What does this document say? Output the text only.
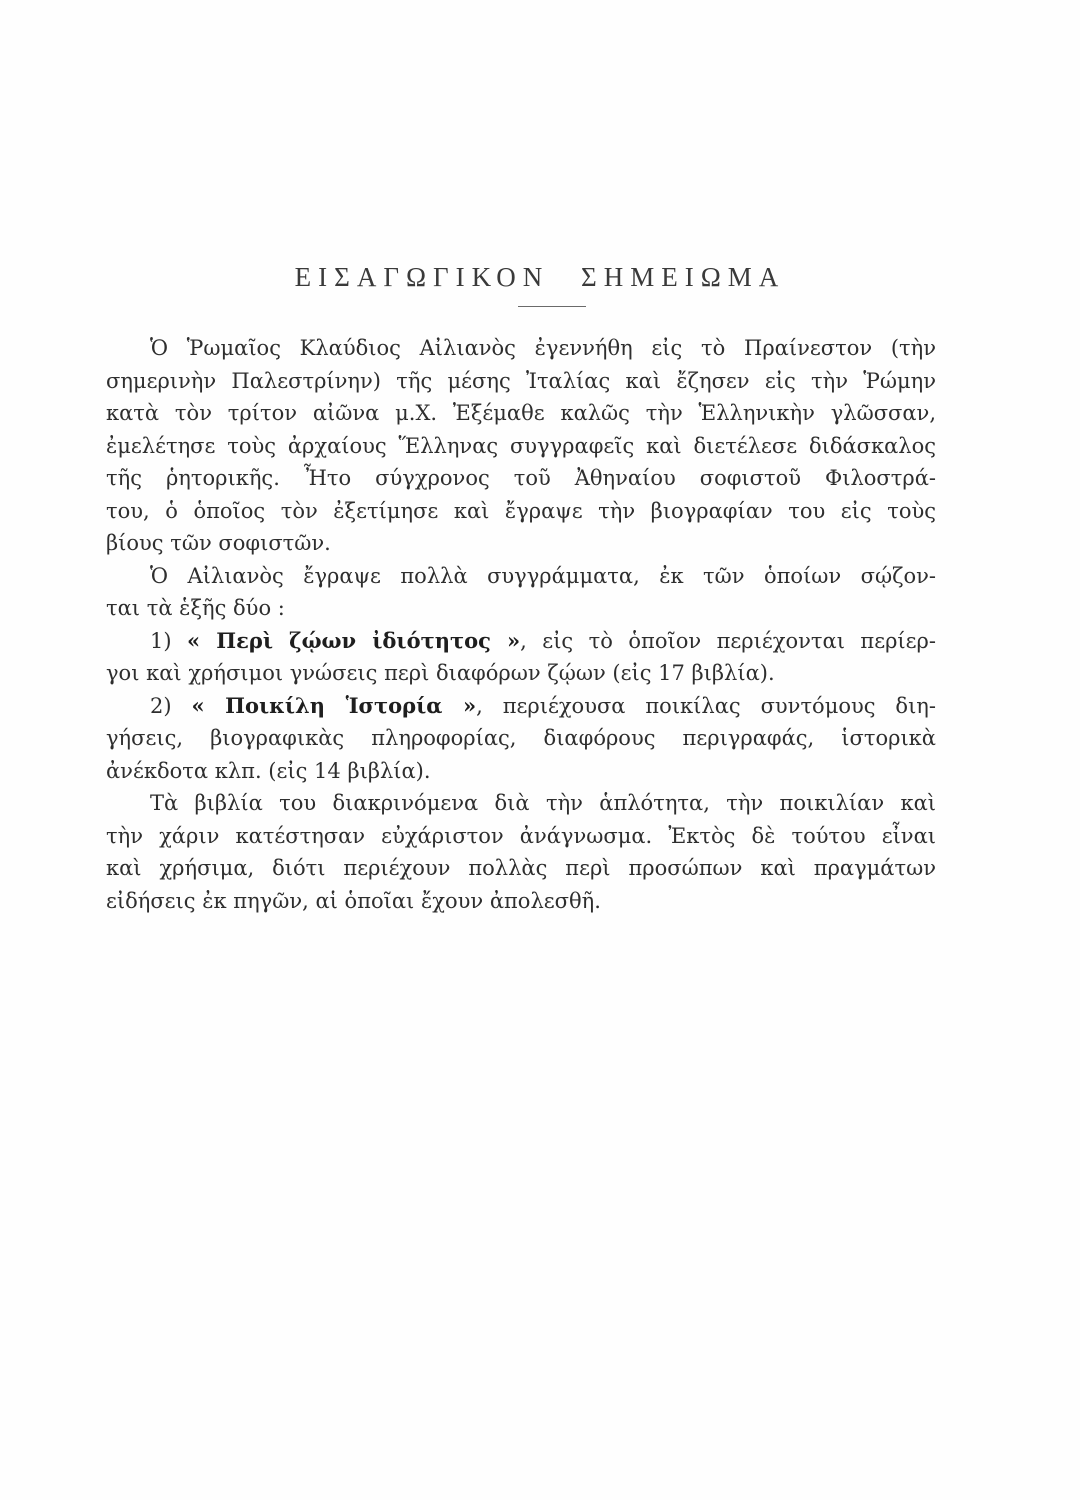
ΕΙΣΑΓΩΓΙΚΟΝ ΣΗΜΕΙΩΜΑ
Ὁ Ῥωμαῖος Κλαύδιος Αἰλιανὸς ἐγεννήθη εἰς τὸ Πραίνεστον (τὴν
σημερινὴν Παλεστρίνην) τῆς μέσης Ἰταλίας καὶ ἔζησεν εἰς τὴν Ῥώμην
κατὰ τὸν τρίτον αἰῶνα μ.Χ. Ἐξέμαθε καλῶς τὴν Ἑλληνικὴν γλῶσσαν,
ἐμελέτησε τοὺς ἀρχαίους Ἕλληνας συγγραφεῖς καὶ διετέλεσε διδάσκαλος
τῆς ῥητορικῆς. Ἦτο σύγχρονος τοῦ Ἀθηναίου σοφιστοῦ Φιλοστρά-
του, ὁ ὁποῖος τὸν ἐξετίμησε καὶ ἔγραψε τὴν βιογραφίαν του εἰς τοὺς
βίους τῶν σοφιστῶν.
Ὁ Αἰλιανὸς ἔγραψε πολλὰ συγγράμματα, ἐκ τῶν ὁποίων σῴζον-
ται τὰ ἑξῆς δύο :
1) « Περὶ ζῴων ἰδιότητος », εἰς τὸ ὁποῖον περιέχονται περίερ-
γοι καὶ χρήσιμοι γνώσεις περὶ διαφόρων ζῴων (εἰς 17 βιβλία).
2) « Ποικίλη Ἱστορία », περιέχουσα ποικίλας συντόμους διη-
γήσεις, βιογραφικὰς πληροφορίας, διαφόρους περιγραφάς, ἱστορικὰ
ἀνέκδοτα κλπ. (εἰς 14 βιβλία).
Τὰ βιβλία του διακρινόμενα διὰ τὴν ἁπλότητα, τὴν ποικιλίαν καὶ
τὴν χάριν κατέστησαν εὐχάριστον ἀνάγνωσμα. Ἐκτὸς δὲ τούτου εἶναι
καὶ χρήσιμα, διότι περιέχουν πολλὰς περὶ προσώπων καὶ πραγμάτων
εἰδήσεις ἐκ πηγῶν, αἱ ὁποῖαι ἔχουν ἀπολεσθῆ.
